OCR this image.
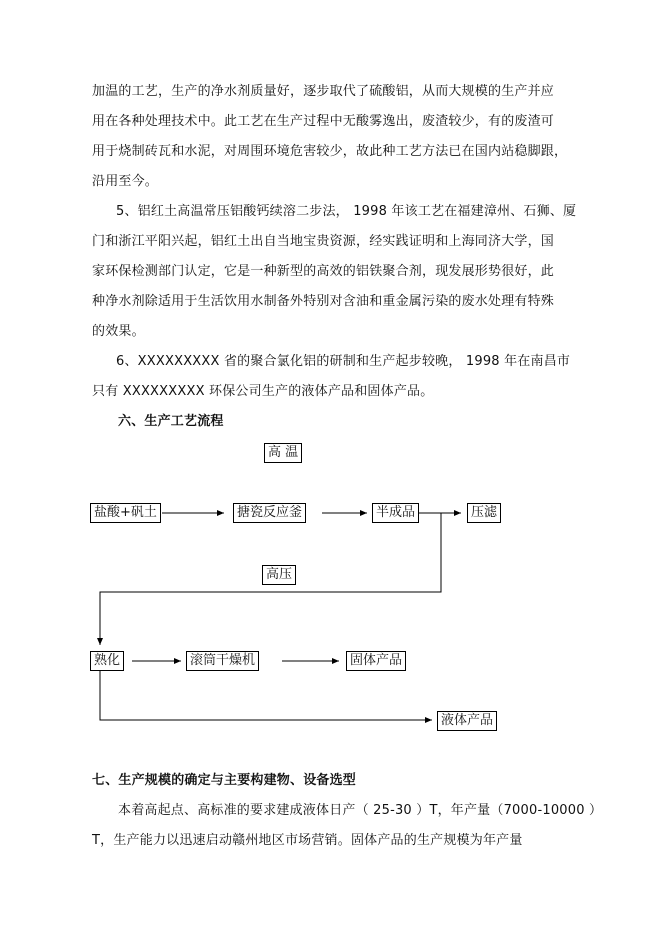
加温的工艺，生产的净水剂质量好，逐步取代了硫酸铝，从而大规模的生产并应
用在各种处理技术中。此工艺在生产过程中无酸雾逸出，废渣较少，有的废渣可
用于烧制砖瓦和水泥，对周围环境危害较少，故此种工艺方法已在国内站稳脚跟，
沿用至今。
5、铝红土高温常压铝酸钙续溶二步法， 1998 年该工艺在福建漳州、石狮、厦
门和浙江平阳兴起，铝红土出自当地宝贵资源，经实践证明和上海同济大学，国
家环保检测部门认定，它是一种新型的高效的铝铁聚合剂，现发展形势很好，此
种净水剂除适用于生活饮用水制备外特别对含油和重金属污染的废水处理有特殊
的效果。
6、XXXXXXXXX 省的聚合氯化铝的研制和生产起步较晚， 1998 年在南昌市
只有 XXXXXXXXX 环保公司生产的液体产品和固体产品。
六、生产工艺流程
高 温
盐酸+矾土	搪瓷反应釜	半成品	压滤
高压
熟化	滚筒干燥机	固体产品
液体产品
七、生产规模的确定与主要构建物、设备选型
本着高起点、高标准的要求建成液体日产（ 25-30 ）T，年产量（7000-10000 ）
T，生产能力以迅速启动赣州地区市场营销。固体产品的生产规模为年产量
